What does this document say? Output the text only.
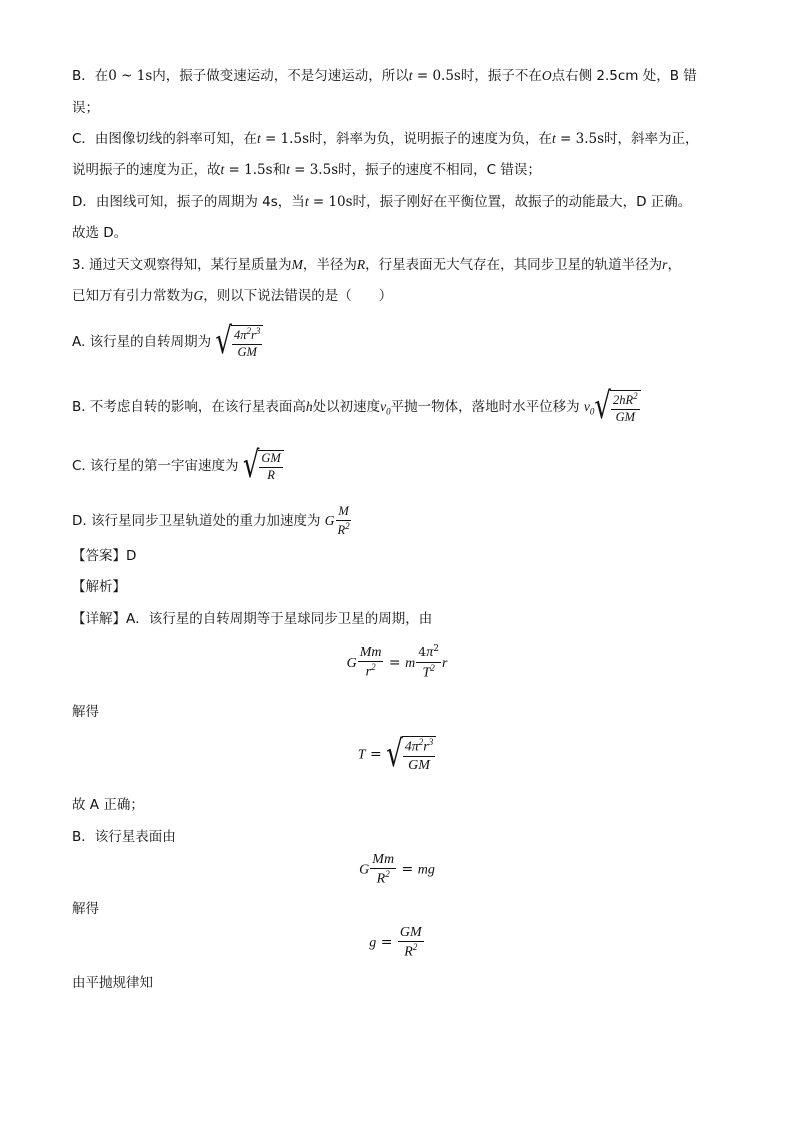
B．在0 ~ 1s内，振子做变速运动，不是匀速运动，所以t = 0.5s时，振子不在O点右侧 2.5cm 处，B 错
误；
C．由图像切线的斜率可知，在t = 1.5s时，斜率为负，说明振子的速度为负，在t = 3.5s时，斜率为正，
说明振子的速度为正，故t = 1.5s和t = 3.5s时，振子的速度不相同，C 错误；
D．由图线可知，振子的周期为 4s，当t = 10s时，振子刚好在平衡位置，故振子的动能最大，D 正确。
故选 D。
3. 通过天文观察得知，某行星质量为M，半径为R，行星表面无大气存在，其同步卫星的轨道半径为r，
已知万有引力常数为G，则以下说法错误的是（　　）
A. 该行星的自转周期为 √ $\frac{4\pi^2r^3}{GM}$
B. 不考虑自转的影响，在该行星表面高h处以初速度$v_0$平抛一物体，落地时水平位移为 $v_0$ √ $\frac{2hR^2}{GM}$
C. 该行星的第一宇宙速度为 √ $\frac{GM}{R}$
D. 该行星同步卫星轨道处的重力加速度为 G $\frac{M}{R^2}$
【答案】D
【解析】
【详解】A．该行星的自转周期等于星球同步卫星的周期，由
G $\frac{Mm}{r^2} = m \frac{4\pi^2}{T^2}$ r
解得
T = √ $\frac{4\pi^2r^3}{GM}$
故 A 正确；
B．该行星表面由
G $\frac{Mm}{R^2}$ = mg
解得
$g = \frac{GM}{R^2}$
由平抛规律知
